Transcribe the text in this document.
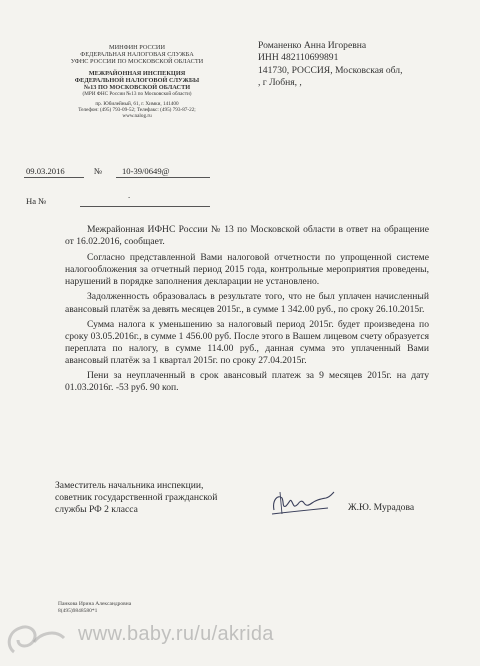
МИНФИН РОССИИ
ФЕДЕРАЛЬНАЯ НАЛОГОВАЯ СЛУЖБА
УФНС РОССИИ ПО МОСКОВСКОЙ ОБЛАСТИ
МЕЖРАЙОННАЯ ИНСПЕКЦИЯ
ФЕДЕРАЛЬНОЙ НАЛОГОВОЙ СЛУЖБЫ
№13 ПО МОСКОВСКОЙ ОБЛАСТИ
(МРИ ФНС России №13 по Московской области)
пр. Юбилейный, 61, г. Химки, 141400
Телефон: (495) 793-09-52; Телефакс: (495) 793-87-22;
www.nalog.ru
Романенко Анна Игоревна
ИНН 482110699891
141730, РОССИЯ, Московская обл,
, г Лобня, ,
09.03.2016	№ 10-39/0649@
На №
.

Межрайонная ИФНС России № 13 по Московской области в ответ на обращение от 16.02.2016, сообщает.

Согласно представленной Вами налоговой отчетности по упрощенной системе налогообложения за отчетный период 2015 года, контрольные мероприятия проведены, нарушений в порядке заполнения декларации не установлено.

Задолженность образовалась в результате того, что не был уплачен начисленный авансовый платёж за девять месяцев 2015г., в сумме 1 342.00 руб., по сроку 26.10.2015г.

Сумма налога к уменьшению за налоговый период 2015г. будет произведена по сроку 03.05.2016г., в сумме 1 456.00 руб. После этого в Вашем лицевом счету образуется переплата по налогу, в сумме 114.00 руб., данная сумма это уплаченный Вами авансовый платёж за 1 квартал 2015г. по сроку 27.04.2015г.

Пени за неуплаченный в срок авансовый платеж за 9 месяцев 2015г. на дату 01.03.2016г. -53 руб. 90 коп.

Заместитель начальника инспекции,
советник государственной гражданской
службы РФ 2 класса	Ж.Ю. Мурадова
Панкова Ирина Александровна
8(495)9848580*1
www.baby.ru/u/akrida
